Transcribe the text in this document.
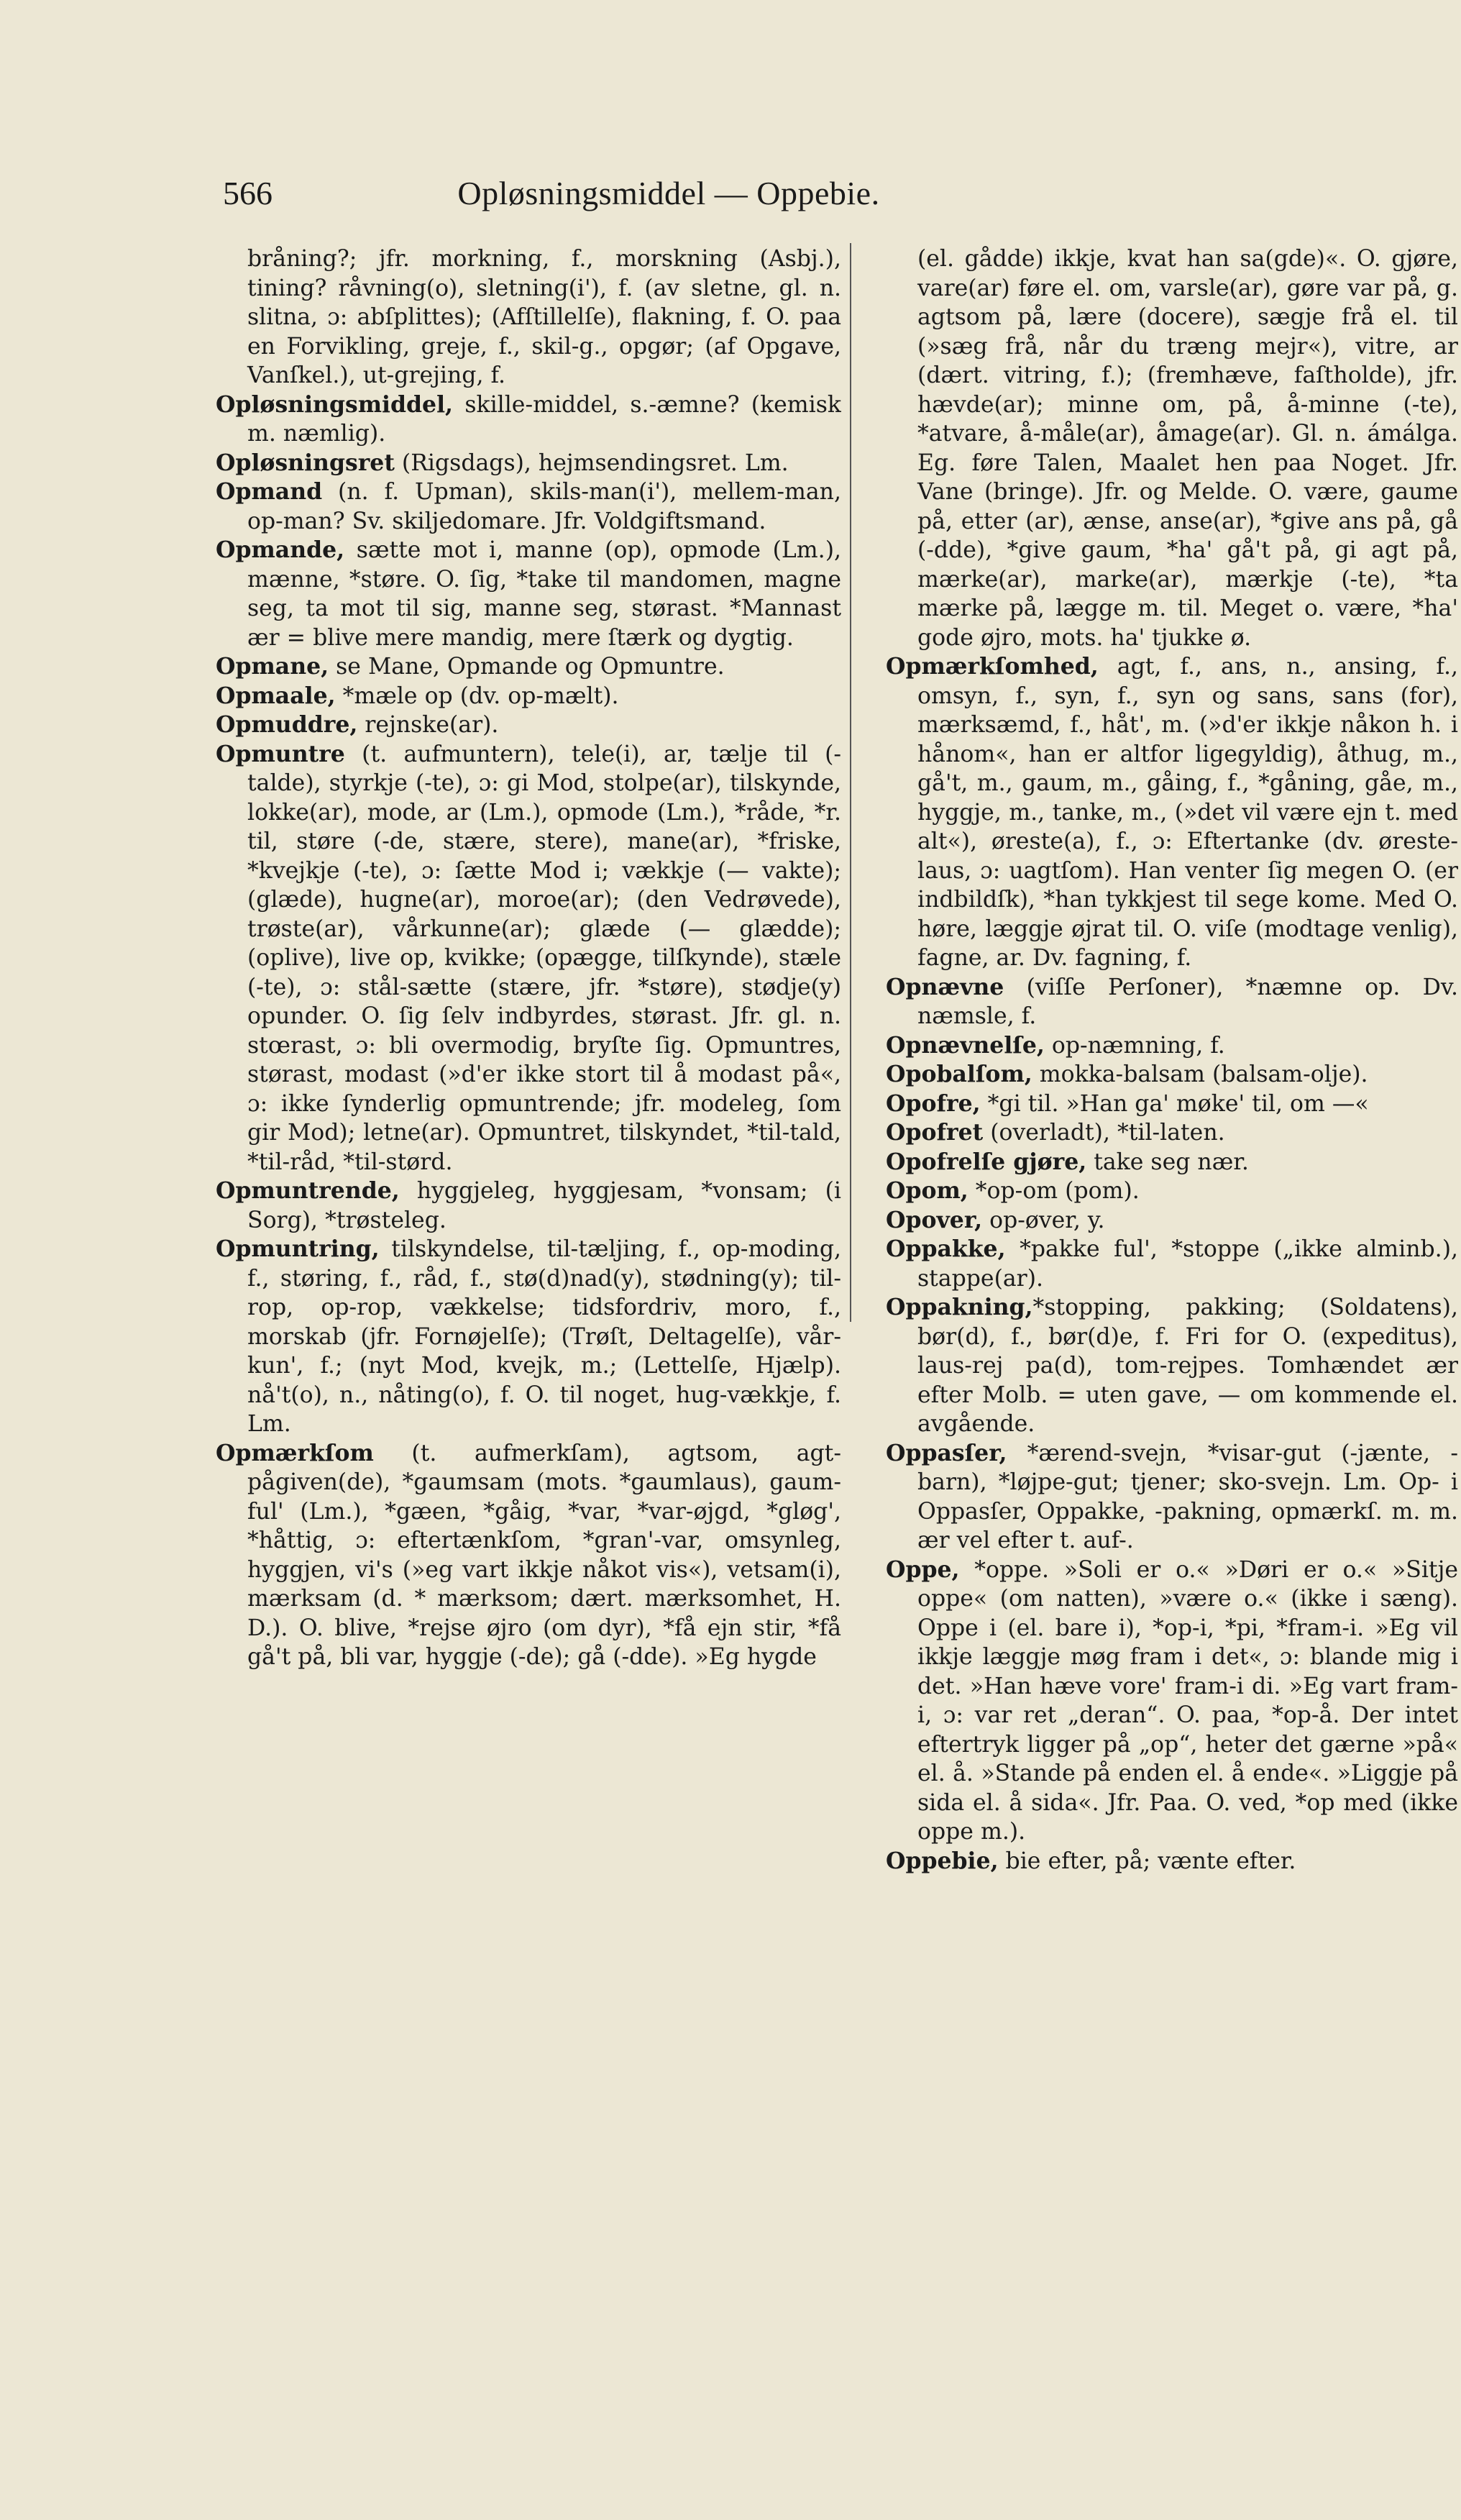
566	Opløsningsmiddel — Oppebie.

bråning?; jfr. morkning, f., morskning (Asbj.), tining? råvning(o), sletning(i'), f. (av sletne, gl. n. slitna, ɔ: abſplittes); (Afſtillelſe), flakning, f. O. paa en Forvikling, greje, f., skil-g., opgør; (af Opgave, Vanſkel.), ut-grejing, f.

Opløsningsmiddel, skille-middel, s.-æmne? (kemisk m. næmlig).

Opløsningsret (Rigsdags), hejmsendingsret. Lm.

Opmand (n. f. Upman), skils-man(i'), mellem-man, op-man? Sv. skiljedomare. Jfr. Voldgiftsmand.

Opmande, sætte mot i, manne (op), opmode (Lm.), mænne, *støre. O. ſig, *take til mandomen, magne seg, ta mot til sig, manne seg, størast. *Mannast ær = blive mere mandig, mere ſtærk og dygtig.

Opmane, se Mane, Opmande og Opmuntre.

Opmaale, *mæle op (dv. op-mælt).

Opmuddre, rejnske(ar).

Opmuntre (t. aufmuntern), tele(i), ar, tælje til (-talde), styrkje (-te), ɔ: gi Mod, stolpe(ar), tilskynde, lokke(ar), mode, ar (Lm.), opmode (Lm.), *råde, *r. til, støre (-de, stære, stere), mane(ar), *friske, *kvejkje (-te), ɔ: ſætte Mod i; vækkje (— vakte); (glæde), hugne(ar), moroe(ar); (den Vedrøvede), trøste(ar), vårkunne(ar); glæde (— glædde); (oplive), live op, kvikke; (opægge, tilſkynde), stæle (-te), ɔ: stål-sætte (stære, jfr. *støre), stødje(y) opunder. O. ſig ſelv indbyrdes, størast. Jfr. gl. n. stœrast, ɔ: bli overmodig, bryſte ſig. Opmuntres, størast, modast (»d'er ikke stort til å modast på«, ɔ: ikke ſynderlig opmuntrende; jfr. modeleg, ſom gir Mod); letne(ar). Opmuntret, tilskyndet, *til-tald, *til-råd, *til-størd.

Opmuntrende, hyggjeleg, hyggjesam, *vonsam; (i Sorg), *trøsteleg.

Opmuntring, tilskyndelse, til-tæljing, f., op-moding, f., støring, f., råd, f., stø(d)nad(y), stødning(y); til-rop, op-rop, vækkelse; tidsfordriv, moro, f., morskab (jfr. Fornøjelſe); (Trøſt, Deltagelſe), vår-kun', f.; (nyt Mod, kvejk, m.; (Lettelſe, Hjælp). nå't(o), n., nåting(o), f. O. til noget, hug-vækkje, f. Lm.

Opmærkſom (t. aufmerkſam), agtsom, agtpågiven(de), *gaumsam (mots. *gaumlaus), gaum-ful' (Lm.), *gæen, *gåig, *var, *var-øjgd, *gløg', *håttig, ɔ: eftertænkſom, *gran'-var, omsynleg, hyggjen, vi's (»eg vart ikkje nåkot vis«), vetsam(i), mærksam (d. * mærksom; dært. mærksomhet, H. D.). O. blive, *rejse øjro (om dyr), *få ejn stir, *få gå't på, bli var, hyggje (-de); gå (-dde). »Eg hygde

(el. gådde) ikkje, kvat han sa(gde)«. O. gjøre, vare(ar) føre el. om, varsle(ar), gøre var på, g. agtsom på, lære (docere), sægje frå el. til (»sæg frå, når du træng mejr«), vitre, ar (dært. vitring, f.); (fremhæve, faſtholde), jfr. hævde(ar); minne om, på, å-minne (-te), *atvare, å-måle(ar), åmage(ar). Gl. n. ámálga. Eg. føre Talen, Maalet hen paa Noget. Jfr. Vane (bringe). Jfr. og Melde. O. være, gaume på, etter (ar), ænse, anse(ar), *give ans på, gå (-dde), *give gaum, *ha' gå't på, gi agt på, mærke(ar), marke(ar), mærkje (-te), *ta mærke på, lægge m. til. Meget o. være, *ha' gode øjro, mots. ha' tjukke ø.

Opmærkſomhed, agt, f., ans, n., ansing, f., omsyn, f., syn, f., syn og sans, sans (for), mærksæmd, f., håt', m. (»d'er ikkje nåkon h. i hånom«, han er altfor ligegyldig), åthug, m., gå't, m., gaum, m., gåing, f., *gåning, gåe, m., hyggje, m., tanke, m., (»det vil være ejn t. med alt«), øreste(a), f., ɔ: Eftertanke (dv. øreste-laus, ɔ: uagtſom). Han venter ſig megen O. (er indbildſk), *han tykkjest til sege kome. Med O. høre, læggje øjrat til. O. viſe (modtage venlig), fagne, ar. Dv. fagning, f.

Opnævne (viſſe Perſoner), *næmne op. Dv. næmsle, f.

Opnævnelſe, op-næmning, f.

Opobalſom, mokka-balsam (balsam-olje).

Opofre, *gi til. »Han ga' møke' til, om —«

Opofret (overladt), *til-laten.

Opofrelſe gjøre, take seg nær.

Opom, *op-om (pom).

Opover, op-øver, y.

Oppakke, *pakke ful', *stoppe („ikke alminb.), stappe(ar).

Oppakning,*stopping, pakking; (Soldatens), bør(d), f., bør(d)e, f. Fri for O. (expeditus), laus-rej pa(d), tom-rejpes. Tomhændet ær efter Molb. = uten gave, — om kommende el. avgående.

Oppasſer, *ærend-svejn, *visar-gut (-jænte, -barn), *løjpe-gut; tjener; sko-svejn. Lm. Op- i Oppasſer, Oppakke, -pakning, opmærkſ. m. m. ær vel efter t. auf-.

Oppe, *oppe. »Soli er o.« »Døri er o.« »Sitje oppe« (om natten), »være o.« (ikke i sæng). Oppe i (el. bare i), *op-i, *pi, *fram-i. »Eg vil ikkje læggje møg fram i det«, ɔ: blande mig i det. »Han hæve vore' fram-i di. »Eg vart fram-i, ɔ: var ret „deran“. O. paa, *op-å. Der intet eftertryk ligger på „op“, heter det gærne »på« el. å. »Stande på enden el. å ende«. »Liggje på sida el. å sida«. Jfr. Paa. O. ved, *op med (ikke oppe m.).

Oppebie, bie efter, på; vænte efter.
